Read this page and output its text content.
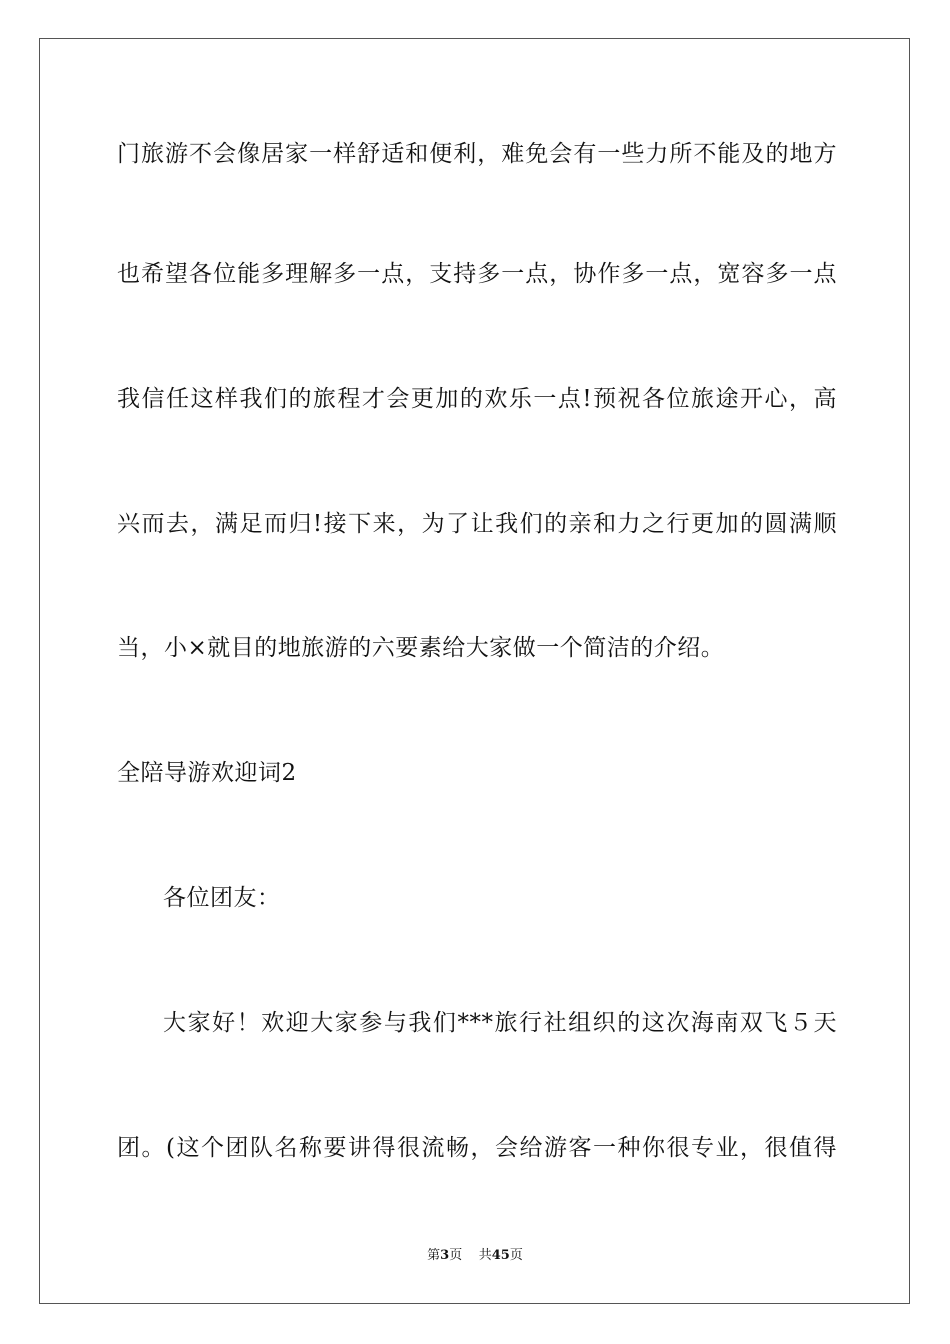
门旅游不会像居家一样舒适和便利，难免会有一些力所不能及的地方
也希望各位能多理解多一点，支持多一点，协作多一点，宽容多一点
我信任这样我们的旅程才会更加的欢乐一点!预祝各位旅途开心，高
兴而去，满足而归!接下来，为了让我们的亲和力之行更加的圆满顺
当，小×就目的地旅游的六要素给大家做一个简洁的介绍。
全陪导游欢迎词2
各位团友：
大家好！欢迎大家参与我们***旅行社组织的这次海南双飞５天
团。(这个团队名称要讲得很流畅，会给游客一种你很专业，很值得
第3页 共45页
